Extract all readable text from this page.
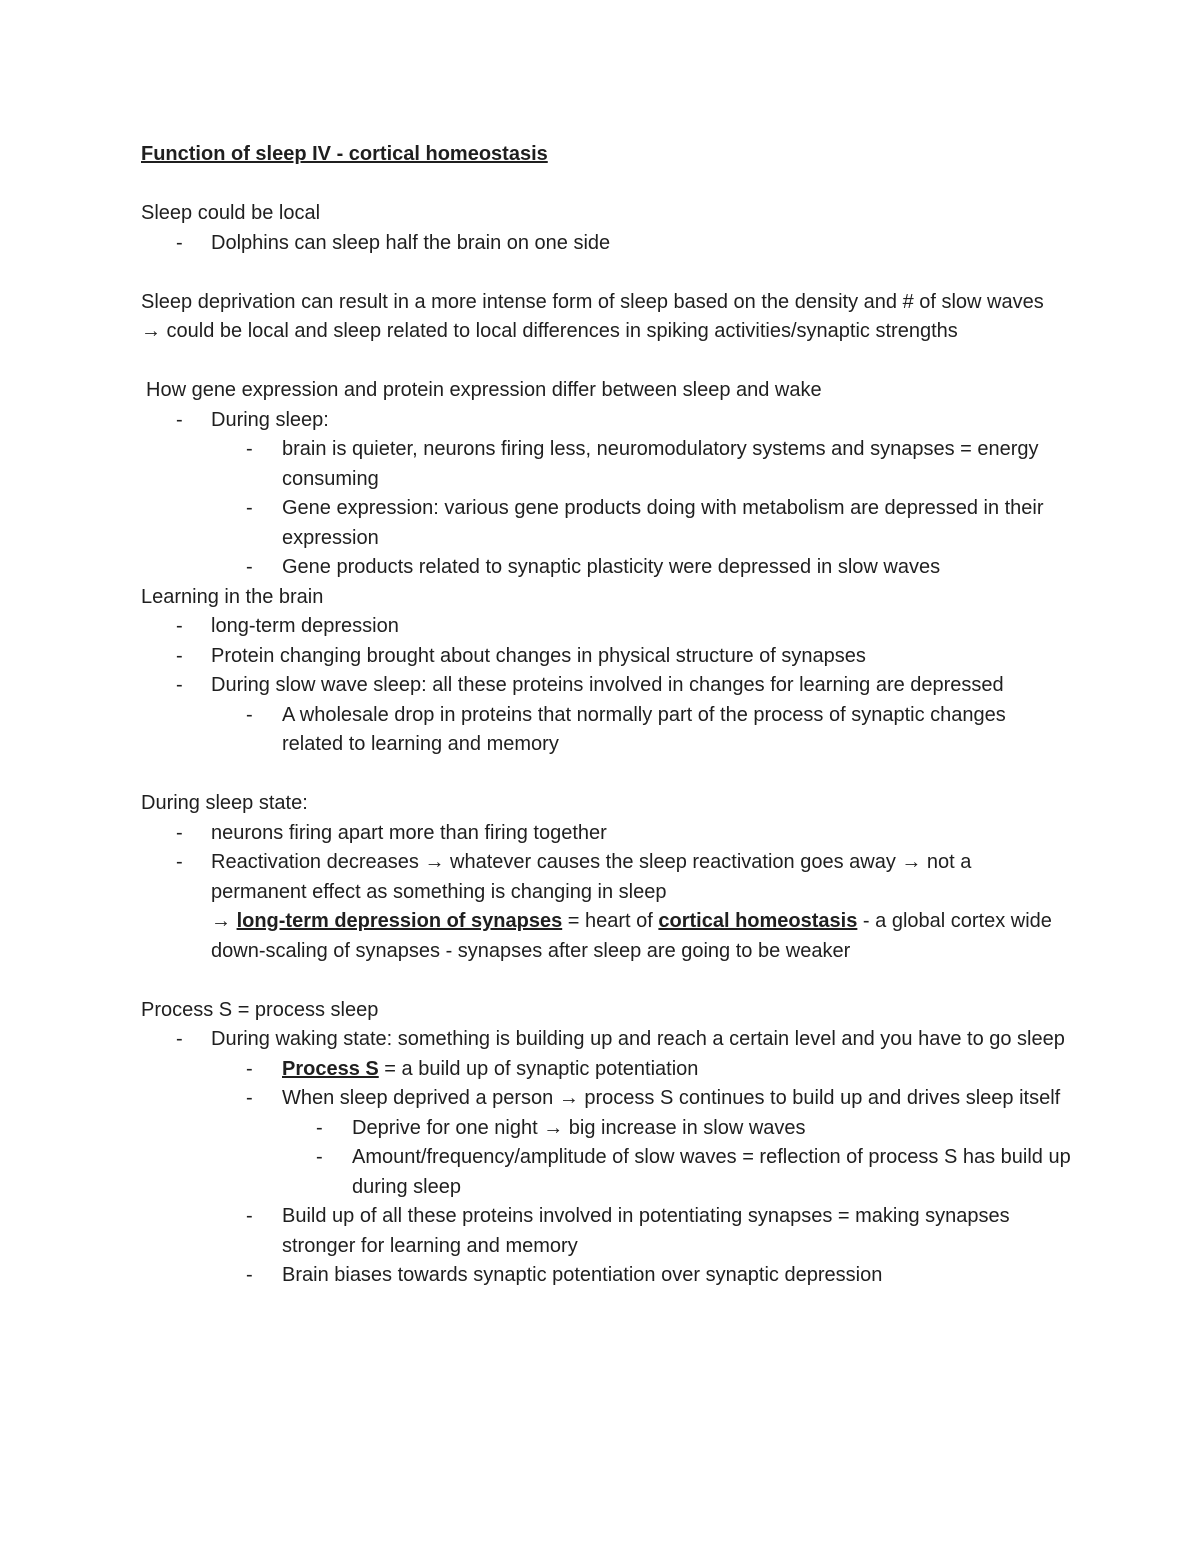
Function of sleep IV - cortical homeostasis

Sleep could be local

- Dolphins can sleep half the brain on one side

Sleep deprivation can result in a more intense form of sleep based on the density and # of slow waves

→ could be local and sleep related to local differences in spiking activities/synaptic strengths

How gene expression and protein expression differ between sleep and wake

- During sleep:
- brain is quieter, neurons firing less, neuromodulatory systems and synapses = energy consuming
- Gene expression: various gene products doing with metabolism are depressed in their expression
- Gene products related to synaptic plasticity were depressed in slow waves

Learning in the brain

- long-term depression
- Protein changing brought about changes in physical structure of synapses
- During slow wave sleep: all these proteins involved in changes for learning are depressed
- A wholesale drop in proteins that normally part of the process of synaptic changes related to learning and memory

During sleep state:

- neurons firing apart more than firing together
- Reactivation decreases → whatever causes the sleep reactivation goes away → not a permanent effect as something is changing in sleep

→ long-term depression of synapses = heart of cortical homeostasis - a global cortex wide down-scaling of synapses - synapses after sleep are going to be weaker

Process S = process sleep

- During waking state: something is building up and reach a certain level and you have to go sleep
- Process S = a build up of synaptic potentiation
- When sleep deprived a person → process S continues to build up and drives sleep itself
- Deprive for one night → big increase in slow waves
- Amount/frequency/amplitude of slow waves = reflection of process S has build up during sleep
- Build up of all these proteins involved in potentiating synapses = making synapses stronger for learning and memory
- Brain biases towards synaptic potentiation over synaptic depression
